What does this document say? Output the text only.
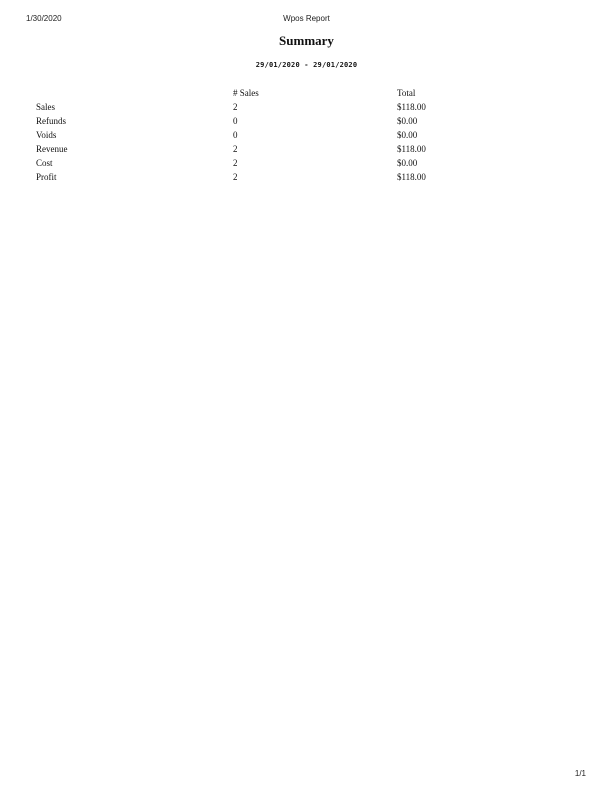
1/30/2020	Wpos Report
Summary
29/01/2020 - 29/01/2020
	# Sales	Total
Sales	2	$118.00
Refunds	0	$0.00
Voids	0	$0.00
Revenue	2	$118.00
Cost	2	$0.00
Profit	2	$118.00
1/1
